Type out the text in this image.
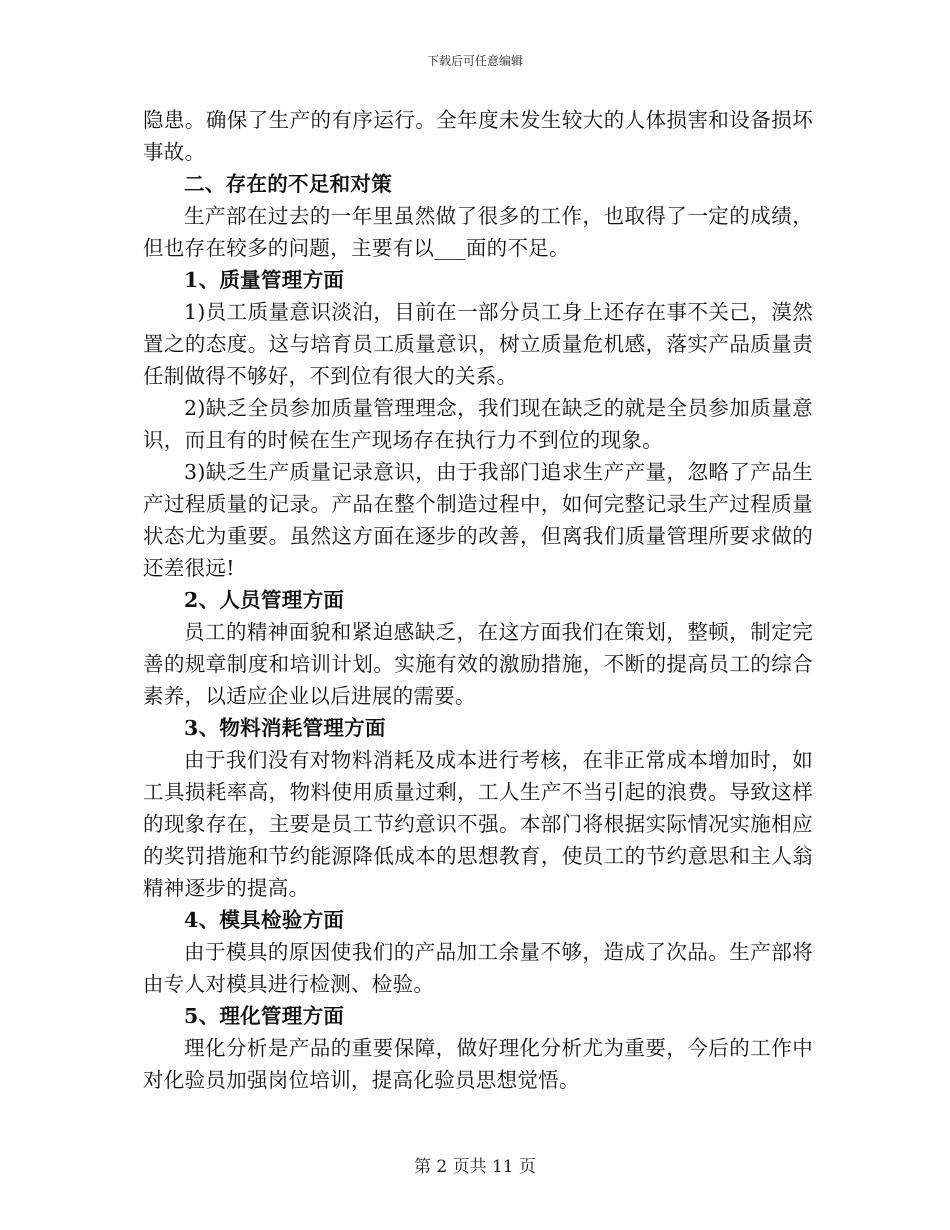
下载后可任意编辑

隐患。确保了生产的有序运行。全年度未发生较大的人体损害和设备损坏事故。

二、存在的不足和对策

生产部在过去的一年里虽然做了很多的工作，也取得了一定的成绩，但也存在较多的问题，主要有以___面的不足。

1、质量管理方面

1)员工质量意识淡泊，目前在一部分员工身上还存在事不关己，漠然置之的态度。这与培育员工质量意识，树立质量危机感，落实产品质量责任制做得不够好，不到位有很大的关系。

2)缺乏全员参加质量管理理念，我们现在缺乏的就是全员参加质量意识，而且有的时候在生产现场存在执行力不到位的现象。

3)缺乏生产质量记录意识，由于我部门追求生产产量，忽略了产品生产过程质量的记录。产品在整个制造过程中，如何完整记录生产过程质量状态尤为重要。虽然这方面在逐步的改善，但离我们质量管理所要求做的还差很远!

2、人员管理方面

员工的精神面貌和紧迫感缺乏，在这方面我们在策划，整顿，制定完善的规章制度和培训计划。实施有效的激励措施，不断的提高员工的综合素养，以适应企业以后进展的需要。

3、物料消耗管理方面

由于我们没有对物料消耗及成本进行考核，在非正常成本增加时，如工具损耗率高，物料使用质量过剩，工人生产不当引起的浪费。导致这样的现象存在，主要是员工节约意识不强。本部门将根据实际情况实施相应的奖罚措施和节约能源降低成本的思想教育，使员工的节约意思和主人翁精神逐步的提高。

4、模具检验方面

由于模具的原因使我们的产品加工余量不够，造成了次品。生产部将由专人对模具进行检测、检验。

5、理化管理方面

理化分析是产品的重要保障，做好理化分析尤为重要，今后的工作中对化验员加强岗位培训，提高化验员思想觉悟。

第 2 页共 11 页
